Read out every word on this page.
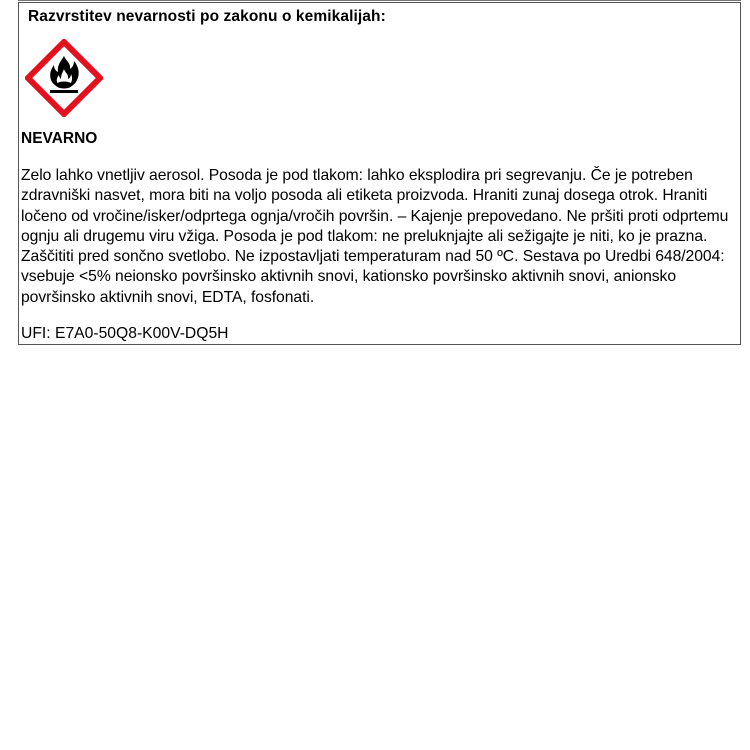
Razvrstitev nevarnosti po zakonu o kemikalijah:
NEVARNO

Zelo lahko vnetljiv aerosol. Posoda je pod tlakom: lahko eksplodira pri segrevanju. Če je potreben zdravniški nasvet, mora biti na voljo posoda ali etiketa proizvoda. Hraniti zunaj dosega otrok. Hraniti ločeno od vročine/isker/odprtega ognja/vročih površin. – Kajenje prepovedano. Ne pršiti proti odprtemu ognju ali drugemu viru vžiga. Posoda je pod tlakom: ne preluknjajte ali sežigajte je niti, ko je prazna. Zaščititi pred sončno svetlobo. Ne izpostavljati temperaturam nad 50 ºC. Sestava po Uredbi 648/2004: vsebuje <5% neionsko površinsko aktivnih snovi, kationsko površinsko aktivnih snovi, anionsko površinsko aktivnih snovi, EDTA, fosfonati.

UFI: E7A0-50Q8-K00V-DQ5H
